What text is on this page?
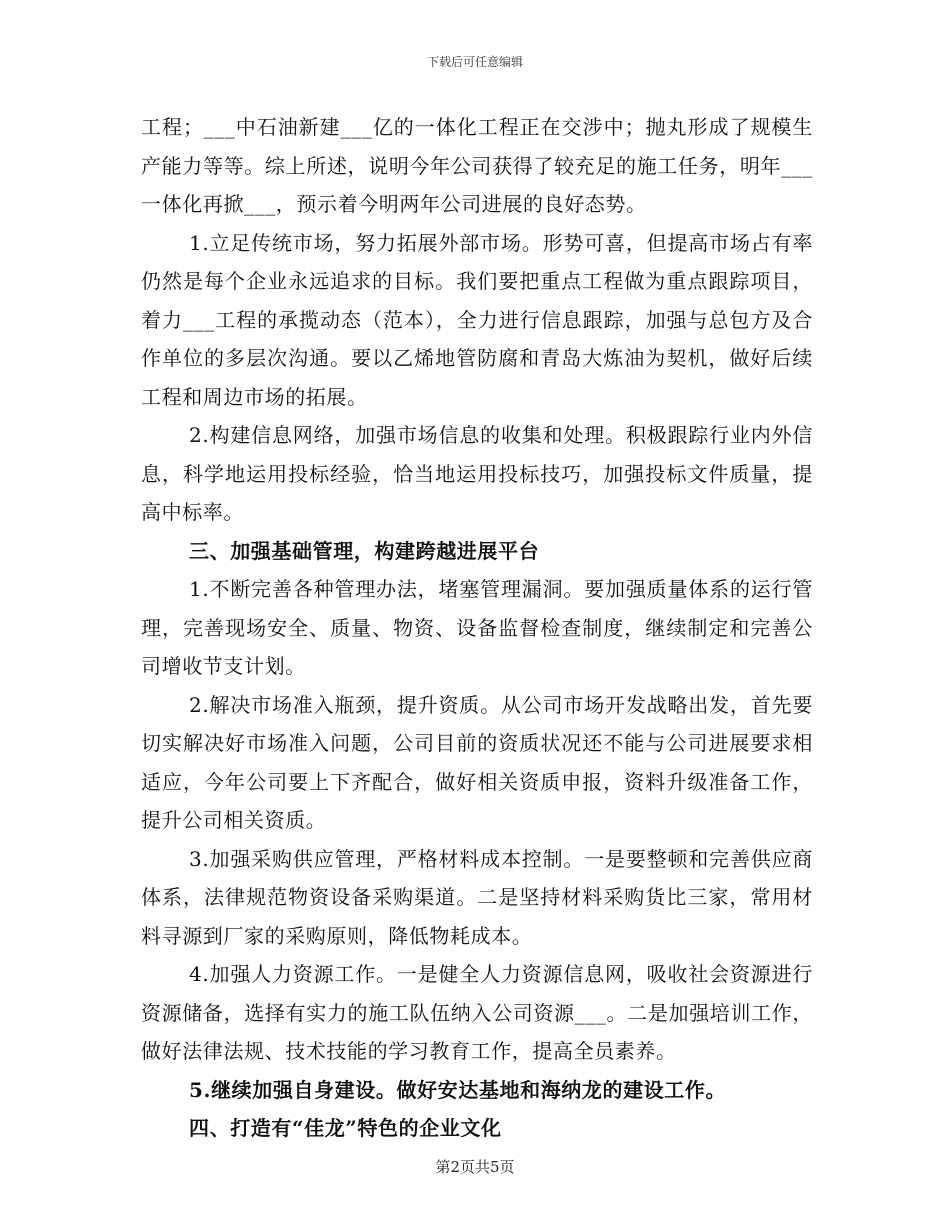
下载后可任意编辑

工程；___中石油新建___亿的一体化工程正在交涉中；抛丸形成了规模生产能力等等。综上所述，说明今年公司获得了较充足的施工任务，明年___一体化再掀___，预示着今明两年公司进展的良好态势。

1.立足传统市场，努力拓展外部市场。形势可喜，但提高市场占有率仍然是每个企业永远追求的目标。我们要把重点工程做为重点跟踪项目，着力___工程的承揽动态（范本），全力进行信息跟踪，加强与总包方及合作单位的多层次沟通。要以乙烯地管防腐和青岛大炼油为契机，做好后续工程和周边市场的拓展。

2.构建信息网络，加强市场信息的收集和处理。积极跟踪行业内外信息，科学地运用投标经验，恰当地运用投标技巧，加强投标文件质量，提高中标率。

三、加强基础管理，构建跨越进展平台

1.不断完善各种管理办法，堵塞管理漏洞。要加强质量体系的运行管理，完善现场安全、质量、物资、设备监督检查制度，继续制定和完善公司增收节支计划。

2.解决市场准入瓶颈，提升资质。从公司市场开发战略出发，首先要切实解决好市场准入问题，公司目前的资质状况还不能与公司进展要求相适应，今年公司要上下齐配合，做好相关资质申报，资料升级准备工作，提升公司相关资质。

3.加强采购供应管理，严格材料成本控制。一是要整顿和完善供应商体系，法律规范物资设备采购渠道。二是坚持材料采购货比三家，常用材料寻源到厂家的采购原则，降低物耗成本。

4.加强人力资源工作。一是健全人力资源信息网，吸收社会资源进行资源储备，选择有实力的施工队伍纳入公司资源___。二是加强培训工作，做好法律法规、技术技能的学习教育工作，提高全员素养。

5.继续加强自身建设。做好安达基地和海纳龙的建设工作。

四、打造有“佳龙”特色的企业文化

第2页共5页
